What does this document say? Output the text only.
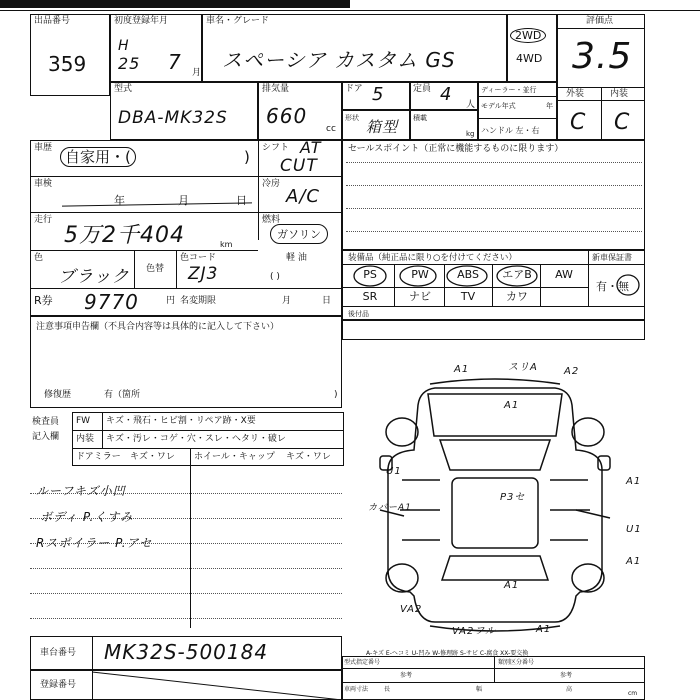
出品番号
359
初度登録年月
H
25 7 月
車名・グレード
スペーシア カスタム GS
2WD
4WD
評価点
3.5
外装	内装
C C
型式
DBA-MK32S
排気量
660
cc
ドア 5	定員 4 人
ディーラー・並行
モデル年式	年
ハンドル 左・右
形状 箱型 積載
kg
車歴 自家用・(	) シフト AT
CUT
車検
年	月	日
冷房
A/C
走行
5万2千404	km
燃料
ガソリン
色
ブラック 色替
色コード
ZJ3
軽 油
( )
R券 9770	円 名変期限	月	日
セールスポイント（正常に機能するものに限ります）
装備品（純正品に限り○を付けてください）	新車保証書
PS	PW	ABS	エアB	AW
SR	ナビ	TV	カワ
有・無
後付品
注意事項申告欄（不具合内容等は具体的に記入して下さい）
修復歴	有（箇所	)
検査員
記入欄
FW キズ・飛石・ヒビ割・リペア跡・X要
内装 キズ・汚レ・コゲ・穴・スレ・ヘタリ・破レ
ドアミラー キズ・ワレ ホイール・キャップ キズ・ワレ
ルーフキズ小凹
ボディ P.くすみ
Rスポイラー P.アセ
A1	スリA	A2
A1
U1
A1
カバーA1
P3セ
U1
A1
A1
VA2
VA2フル	A1
A-キズ E-ヘコミ U-凹み W-修理跡 S-サビ C-腐食 XX-要交換
車台番号 MK32S-500184
登録番号
型式指定番号	類別区分番号
参考	参考
車両寸法	長	幅	高
cm
